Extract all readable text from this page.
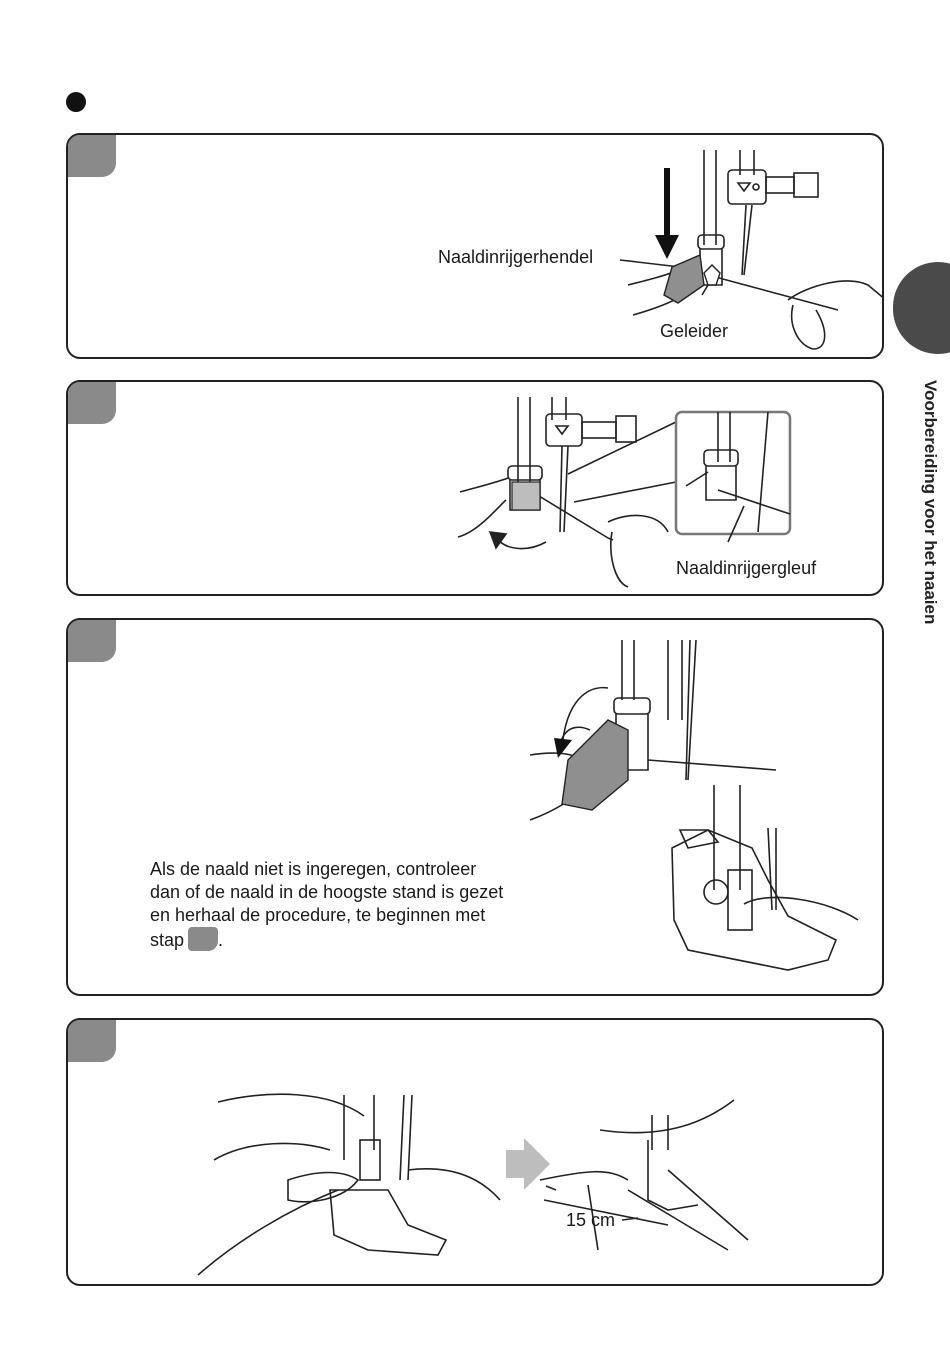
Naaldinrijgerhendel
Geleider
Naaldinrijgergleuf
Als de naald niet is ingeregen, controleer dan of de naald in de hoogste stand is gezet en herhaal de procedure, te beginnen met stap .
15 cm
Voorbereiding voor het naaien
